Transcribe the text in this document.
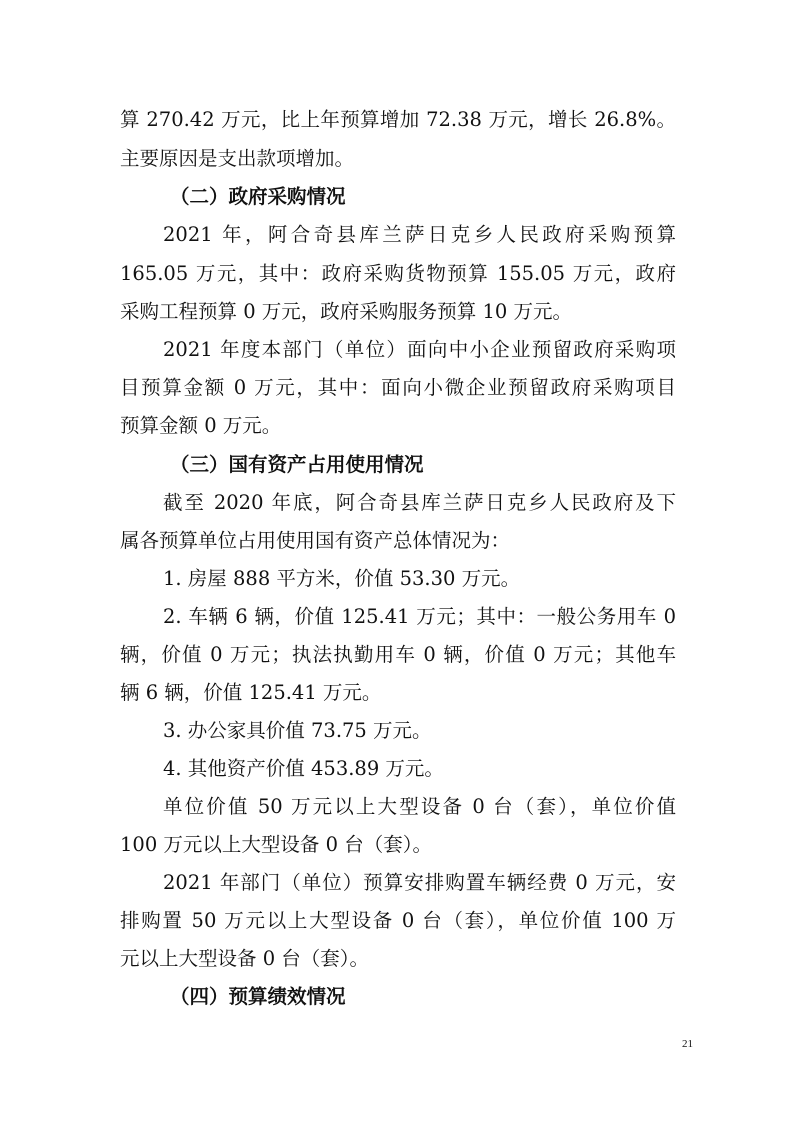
算 270.42 万元，比上年预算增加 72.38 万元，增长 26.8%。
主要原因是支出款项增加。
（二）政府采购情况
2021 年，阿合奇县库兰萨日克乡人民政府采购预算
165.05 万元，其中：政府采购货物预算 155.05 万元，政府
采购工程预算 0 万元，政府采购服务预算 10 万元。
2021 年度本部门（单位）面向中小企业预留政府采购项
目预算金额 0 万元，其中：面向小微企业预留政府采购项目
预算金额 0 万元。
（三）国有资产占用使用情况
截至 2020 年底，阿合奇县库兰萨日克乡人民政府及下
属各预算单位占用使用国有资产总体情况为：
1. 房屋 888 平方米，价值 53.30 万元。
2. 车辆 6 辆，价值 125.41 万元；其中：一般公务用车 0
辆，价值 0 万元；执法执勤用车 0 辆，价值 0 万元；其他车
辆 6 辆，价值 125.41 万元。
3. 办公家具价值 73.75 万元。
4. 其他资产价值 453.89 万元。
单位价值 50 万元以上大型设备 0 台（套），单位价值
100 万元以上大型设备 0 台（套）。
2021 年部门（单位）预算安排购置车辆经费 0 万元，安
排购置 50 万元以上大型设备 0 台（套），单位价值 100 万
元以上大型设备 0 台（套）。
（四）预算绩效情况
21
